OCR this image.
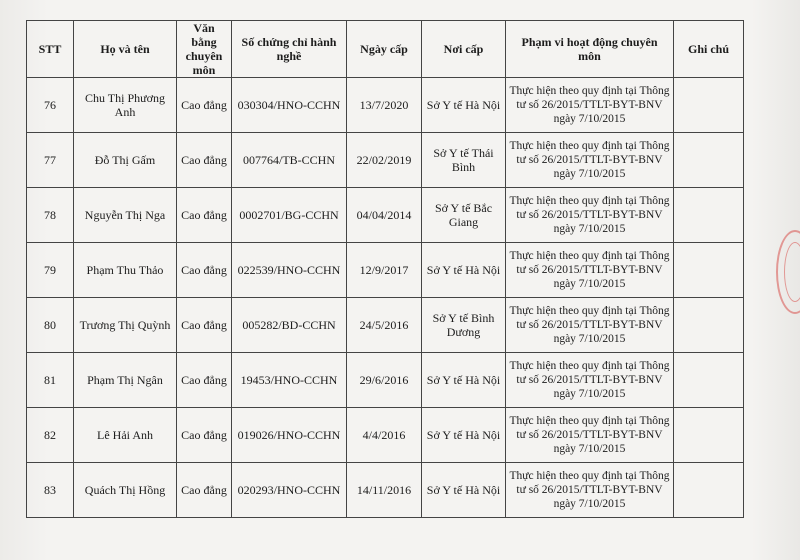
STT	Họ và tên	Văn bằng chuyên môn	Số chứng chỉ hành nghề	Ngày cấp	Nơi cấp	Phạm vi hoạt động chuyên môn	Ghi chú
76	Chu Thị Phương Anh	Cao đẳng	030304/HNO-CCHN	13/7/2020	Sở Y tế Hà Nội	Thực hiện theo quy định tại Thông tư số 26/2015/TTLT-BYT-BNV ngày 7/10/2015	
77	Đỗ Thị Gấm	Cao đẳng	007764/TB-CCHN	22/02/2019	Sở Y tế Thái Bình	Thực hiện theo quy định tại Thông tư số 26/2015/TTLT-BYT-BNV ngày 7/10/2015	
78	Nguyễn Thị Nga	Cao đẳng	0002701/BG-CCHN	04/04/2014	Sở Y tế Bắc Giang	Thực hiện theo quy định tại Thông tư số 26/2015/TTLT-BYT-BNV ngày 7/10/2015	
79	Phạm Thu Thảo	Cao đẳng	022539/HNO-CCHN	12/9/2017	Sở Y tế Hà Nội	Thực hiện theo quy định tại Thông tư số 26/2015/TTLT-BYT-BNV ngày 7/10/2015	
80	Trương Thị Quỳnh	Cao đẳng	005282/BD-CCHN	24/5/2016	Sở Y tế Bình Dương	Thực hiện theo quy định tại Thông tư số 26/2015/TTLT-BYT-BNV ngày 7/10/2015	
81	Phạm Thị Ngân	Cao đẳng	19453/HNO-CCHN	29/6/2016	Sở Y tế Hà Nội	Thực hiện theo quy định tại Thông tư số 26/2015/TTLT-BYT-BNV ngày 7/10/2015	
82	Lê Hải Anh	Cao đẳng	019026/HNO-CCHN	4/4/2016	Sở Y tế Hà Nội	Thực hiện theo quy định tại Thông tư số 26/2015/TTLT-BYT-BNV ngày 7/10/2015	
83	Quách Thị Hồng	Cao đẳng	020293/HNO-CCHN	14/11/2016	Sở Y tế Hà Nội	Thực hiện theo quy định tại Thông tư số 26/2015/TTLT-BYT-BNV ngày 7/10/2015	
